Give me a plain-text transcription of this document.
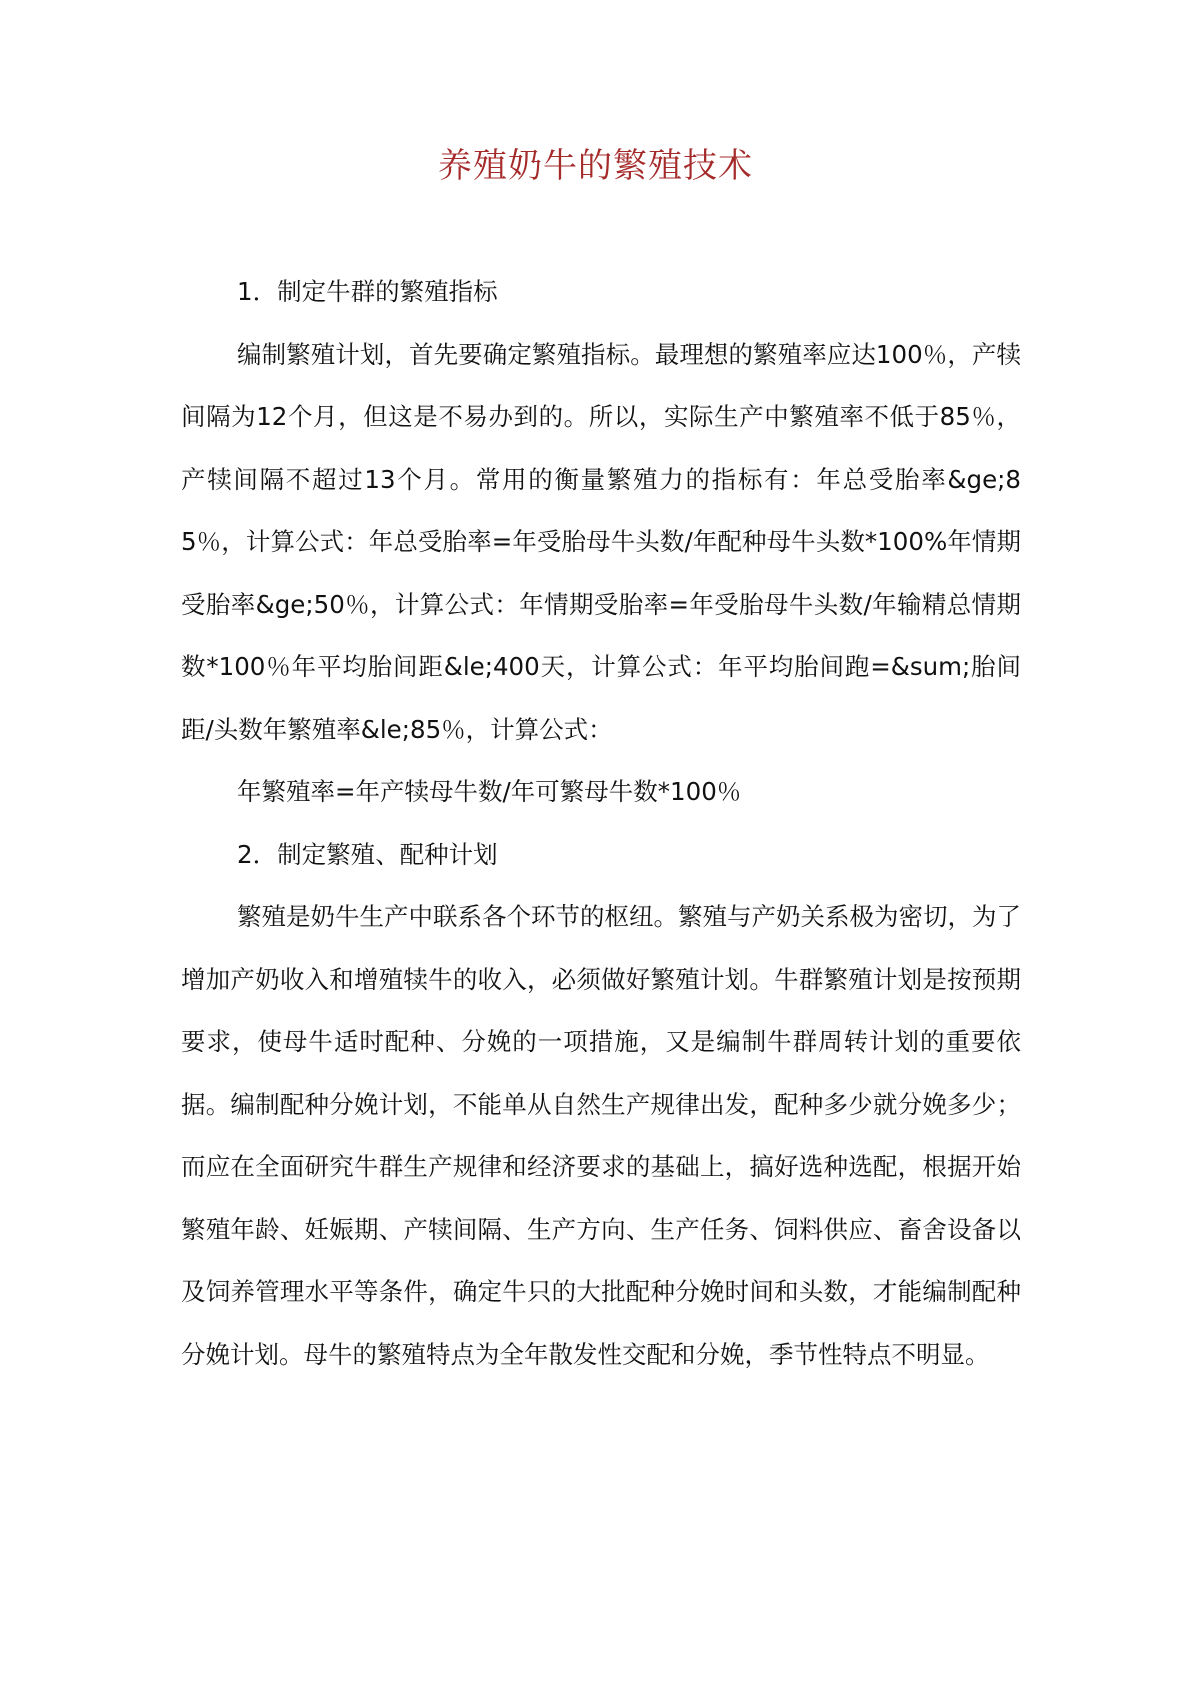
养殖奶牛的繁殖技术

1．制定牛群的繁殖指标

编制繁殖计划，首先要确定繁殖指标。最理想的繁殖率应达100％，产犊间隔为12个月，但这是不易办到的。所以，实际生产中繁殖率不低于85％，产犊间隔不超过13个月。常用的衡量繁殖力的指标有：年总受胎率&ge;85％，计算公式：年总受胎率=年受胎母牛头数/年配种母牛头数*100%年情期受胎率&ge;50％，计算公式：年情期受胎率=年受胎母牛头数/年输精总情期数*100％年平均胎间距&le;400天，计算公式：年平均胎间跑=&sum;胎间距/头数年繁殖率&le;85％，计算公式：

年繁殖率=年产犊母牛数/年可繁母牛数*100％

2．制定繁殖、配种计划

繁殖是奶牛生产中联系各个环节的枢纽。繁殖与产奶关系极为密切，为了增加产奶收入和增殖犊牛的收入，必须做好繁殖计划。牛群繁殖计划是按预期要求，使母牛适时配种、分娩的一项措施，又是编制牛群周转计划的重要依据。编制配种分娩计划，不能单从自然生产规律出发，配种多少就分娩多少；而应在全面研究牛群生产规律和经济要求的基础上，搞好选种选配，根据开始繁殖年龄、妊娠期、产犊间隔、生产方向、生产任务、饲料供应、畜舍设备以及饲养管理水平等条件，确定牛只的大批配种分娩时间和头数，才能编制配种分娩计划。母牛的繁殖特点为全年散发性交配和分娩，季节性特点不明显。
